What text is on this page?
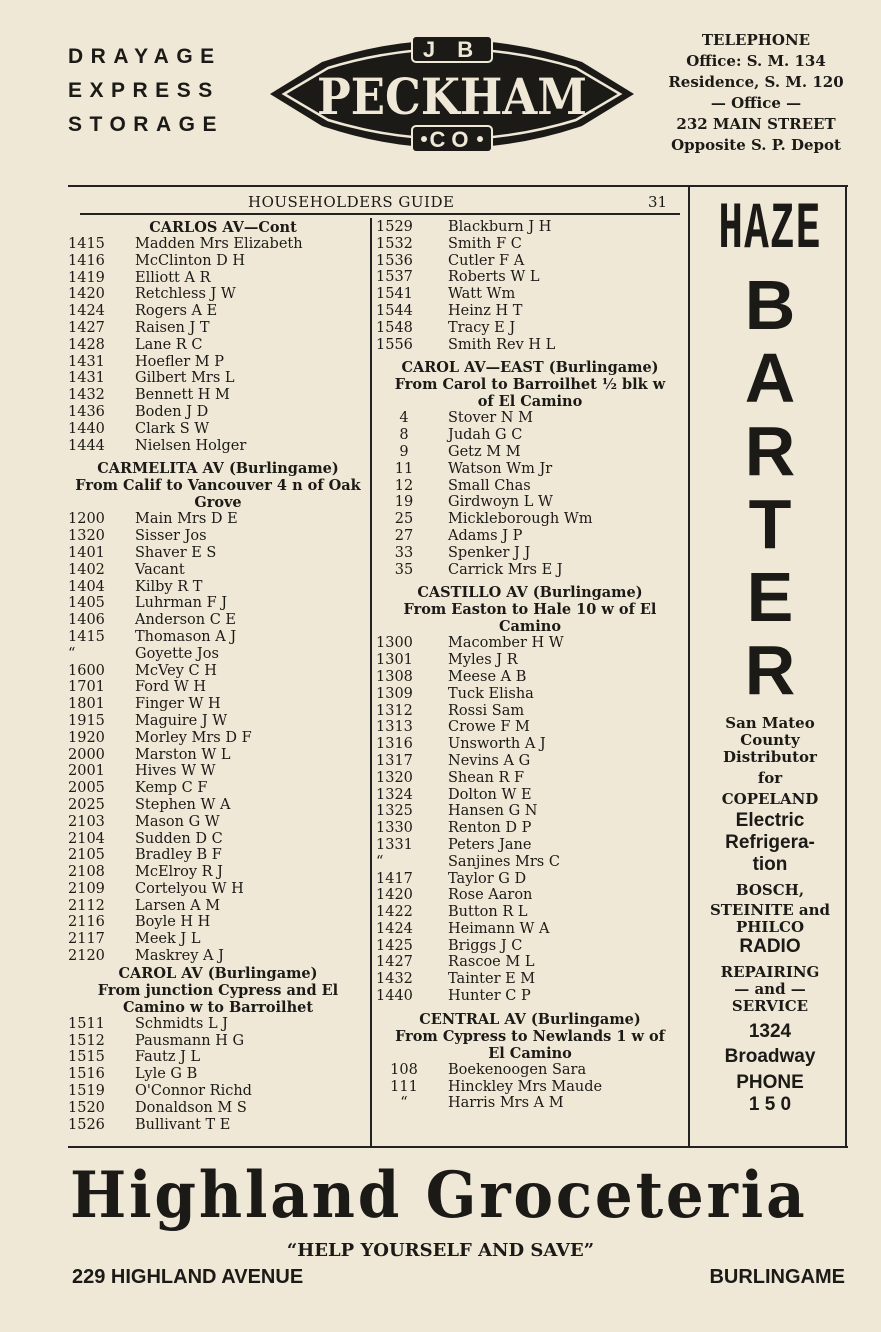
DRAYAGE
EXPRESS
STORAGE
J B
PECKHAM
CO
TELEPHONE
Office: S. M. 134
Residence, S. M. 120
— Office —
232 MAIN STREET
Opposite S. P. Depot
HOUSEHOLDERS GUIDE	31
CARLOS AV—Cont
1415 Madden Mrs Elizabeth
1416 McClinton D H
1419 Elliott A R
1420 Retchless J W
1424 Rogers A E
1427 Raisen J T
1428 Lane R C
1431 Hoefler M P
1431 Gilbert Mrs L
1432 Bennett H M
1436 Boden J D
1440 Clark S W
1444 Nielsen Holger
CARMELITA AV (Burlingame)
From Calif to Vancouver 4 n of Oak
Grove
1200 Main Mrs D E
1320 Sisser Jos
1401 Shaver E S
1402 Vacant
1404 Kilby R T
1405 Luhrman F J
1406 Anderson C E
1415 Thomason A J
“	Goyette Jos
1600 McVey C H
1701 Ford W H
1801 Finger W H
1915 Maguire J W
1920 Morley Mrs D F
2000 Marston W L
2001 Hives W W
2005 Kemp C F
2025 Stephen W A
2103 Mason G W
2104 Sudden D C
2105 Bradley B F
2108 McElroy R J
2109 Cortelyou W H
2112 Larsen A M
2116 Boyle H H
2117 Meek J L
2120 Maskrey A J
CAROL AV (Burlingame)
From junction Cypress and El
Camino w to Barroilhet
1511 Schmidts L J
1512 Pausmann H G
1515 Fautz J L
1516 Lyle G B
1519 O'Connor Richd
1520 Donaldson M S
1526 Bullivant T E
1529 Blackburn J H
1532 Smith F C
1536 Cutler F A
1537 Roberts W L
1541 Watt Wm
1544 Heinz H T
1548 Tracy E J
1556 Smith Rev H L
CAROL AV—EAST (Burlingame)
From Carol to Barroilhet ½ blk w
of El Camino
4	Stover N M
8	Judah G C
9	Getz M M
11	Watson Wm Jr
12	Small Chas
19	Girdwoyn L W
25	Mickleborough Wm
27	Adams J P
33	Spenker J J
35	Carrick Mrs E J
CASTILLO AV (Burlingame)
From Easton to Hale 10 w of El
Camino
1300 Macomber H W
1301 Myles J R
1308 Meese A B
1309 Tuck Elisha
1312 Rossi Sam
1313 Crowe F M
1316 Unsworth A J
1317 Nevins A G
1320 Shean R F
1324 Dolton W E
1325 Hansen G N
1330 Renton D P
1331 Peters Jane
“	Sanjines Mrs C
1417 Taylor G D
1420 Rose Aaron
1422 Button R L
1424 Heimann W A
1425 Briggs J C
1427 Rascoe M L
1432 Tainter E M
1440 Hunter C P
CENTRAL AV (Burlingame)
From Cypress to Newlands 1 w of
El Camino
108	Boekenoogen Sara
111	Hinckley Mrs Maude
“	Harris Mrs A M
HAZE
B
A
R
T
E
R
San Mateo
County
Distributor
for
COPELAND
Electric
Refrigera-
tion
BOSCH,
STEINITE and
PHILCO
RADIO
REPAIRING
— and —
SERVICE
1324
Broadway
PHONE
1 5 0
Highland Groceteria
“HELP YOURSELF AND SAVE”
229 HIGHLAND AVENUE	BURLINGAME
